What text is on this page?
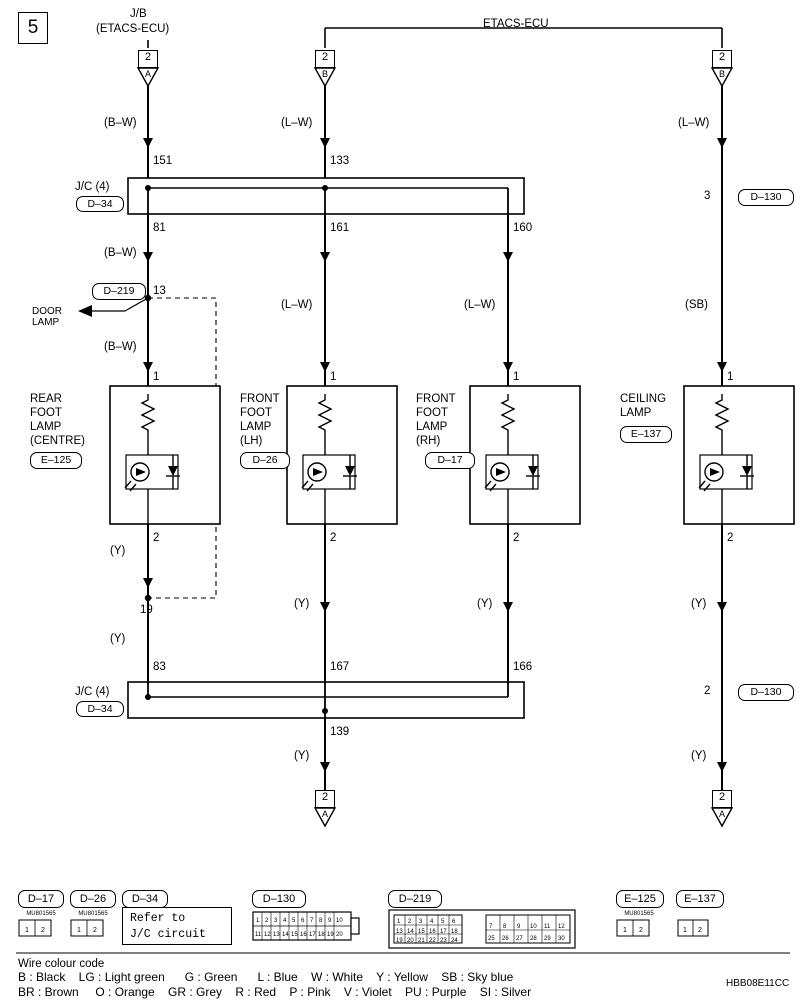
5
J/B
(ETACS-ECU)	ETACS-ECU
2
A
2
B
2
B
(B–W)	(L–W)	(L–W)
151	133
J/C (4)
D–34
81	161	160
(B–W)
(L–W)	(L–W)	(SB)
D–219	13
DOOR
LAMP
(B–W)
3	D–130
REAR
FOOT
LAMP
(CENTRE)
E–125
1
2
FRONT
FOOT
LAMP
(LH)
D–26
1
2
FRONT
FOOT
LAMP
(RH)
D–17
1
2
CEILING
LAMP
E–137
1
2
(Y)
(Y)
19	(Y)	(Y)	(Y)
83	167	166
J/C (4)
D–34
139
(Y)	(Y)
2	D–130
2
A
2
A
D–17
MU801565
1 2
D–26
MU801565
1 2
D–34
Refer to
J/C circuit
D–130
1 2 3 4 5 6 7 8 9 10
11 12 13 14 15 16 17 18 19 20
D–219
1 2 3 4 5 6
13 14 15 16 17 18
19 20 21 22 23 24
7 8 9 10 11 12
25 26 27 28 29 30
E–125
MU801565
1 2
E–137
1 2
Wire colour code
B : Black    LG : Light green      G : Green      L : Blue    W : White    Y : Yellow    SB : Sky blue
BR : Brown     O : Orange    GR : Grey    R : Red    P : Pink    V : Violet    PU : Purple    SI : Silver
HBB08E11CC
